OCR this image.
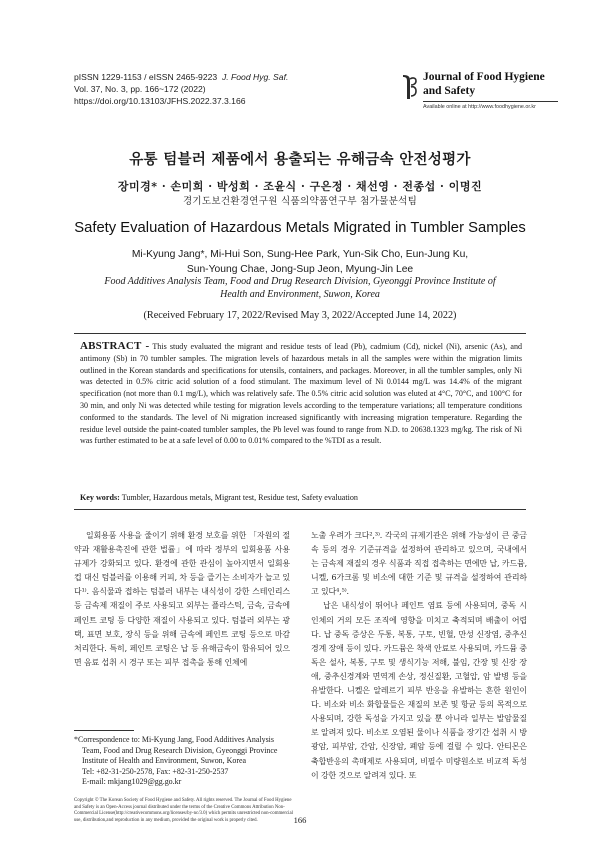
pISSN 1229-1153 / eISSN 2465-9223 J. Food Hyg. Saf.
Vol. 37, No. 3, pp. 166~172 (2022)
https://doi.org/10.13103/JFHS.2022.37.3.166
Journal of Food Hygiene
and Safety
Available online at http://www.foodhygiene.or.kr
유통 텀블러 제품에서 용출되는 유해금속 안전성평가
장미경* · 손미희 · 박성희 · 조윤식 · 구은정 · 채선영 · 전종섭 · 이명진
경기도보건환경연구원 식품의약품연구부 첨가물분석팀
Safety Evaluation of Hazardous Metals Migrated in Tumbler Samples
Mi-Kyung Jang*, Mi-Hui Son, Sung-Hee Park, Yun-Sik Cho, Eun-Jung Ku,
Sun-Young Chae, Jong-Sup Jeon, Myung-Jin Lee
Food Additives Analysis Team, Food and Drug Research Division, Gyeonggi Province Institute of
Health and Environment, Suwon, Korea
(Received February 17, 2022/Revised May 3, 2022/Accepted June 14, 2022)
ABSTRACT - This study evaluated the migrant and residue tests of lead (Pb), cadmium (Cd), nickel (Ni), arsenic (As), and antimony (Sb) in 70 tumbler samples. The migration levels of hazardous metals in all the samples were within the migration limits outlined in the Korean standards and specifications for utensils, containers, and packages. Moreover, in all the tumbler samples, only Ni was detected in 0.5% citric acid solution of a food stimulant. The maximum level of Ni 0.0144 mg/L was 14.4% of the migrant specification (not more than 0.1 mg/L), which was relatively safe. The 0.5% citric acid solution was eluted at 4°C, 70°C, and 100°C for 30 min, and only Ni was detected while testing for migration levels according to the temperature variations; all temperature conditions conformed to the standards. The level of Ni migration increased significantly with increasing migration temperature. Regarding the residue level outside the paint-coated tumbler samples, the Pb level was found to range from N.D. to 20638.1323 mg/kg. The risk of Ni was further estimated to be at a safe level of 0.00 to 0.01% compared to the %TDI as a result.
Key words: Tumbler, Hazardous metals, Migrant test, Residue test, Safety evaluation

일회용품 사용을 줄이기 위해 환경 보호를 위한 「자원의 절약과 재활용촉진에 관한 법률」에 따라 정부의 일회용품 사용 규제가 강화되고 있다. 환경에 관한 관심이 높아지면서 일회용 컵 대신 텀블러를 이용해 커피, 차 등을 즐기는 소비자가 늘고 있다¹⁾. 음식물과 접하는 텀블러 내부는 내식성이 강한 스테인리스 등 금속제 재질이 주로 사용되고 외부는 플라스틱, 금속, 금속에 페인트 코팅 등 다양한 재질이 사용되고 있다. 텀블러 외부는 광택, 표면 보호, 장식 등을 위해 금속에 페인트 코팅 등으로 마감 처리한다. 특히, 페인트 코팅은 납 등 유해금속이 함유되어 있으면 음료 섭취 시 경구 또는 피부 접촉을 통해 인체에

노출 우려가 크다²,³⁾. 각국의 규제기관은 위해 가능성이 큰 중금속 등의 경우 기준규격을 설정하여 관리하고 있으며, 국내에서는 금속제 재질의 경우 식품과 직접 접촉하는 면에만 납, 카드뮴, 니켈, 6가크롬 및 비소에 대한 기준 및 규격을 설정하여 관리하고 있다⁴,⁵⁾.

납은 내식성이 뛰어나 페인트 염료 등에 사용되며, 중독 시 인체의 거의 모든 조직에 영향을 미치고 축적되며 배출이 어렵다. 납 중독 증상은 두통, 복통, 구토, 빈혈, 만성 신장염, 중추신경계 장애 등이 있다. 카드뮴은 착색 안료로 사용되며, 카드뮴 중독은 설사, 복통, 구토 및 생식기능 저해, 불임, 간장 및 신장 장애, 중추신경계와 면역계 손상, 정신질환, 고혈압, 암 발병 등을 유발한다. 니켈은 알레르기 피부 반응을 유발하는 흔한 원인이다. 비소와 비소 화합물들은 재질의 보존 및 항균 등의 목적으로 사용되며, 강한 독성을 가지고 있을 뿐 아니라 일부는 발암물질로 알려져 있다. 비소로 오염된 물이나 식품을 장기간 섭취 시 방광암, 피부암, 간암, 신장암, 폐암 등에 걸릴 수 있다. 안티몬은 축합반응의 촉매제로 사용되며, 비필수 미량원소로 비교적 독성이 강한 것으로 알려져 있다. 또

*Correspondence to: Mi-Kyung Jang, Food Additives Analysis
Team, Food and Drug Research Division, Gyeonggi Province
Institute of Health and Environment, Suwon, Korea
Tel: +82-31-250-2578, Fax: +82-31-250-2537
E-mail: mkjang1029@gg.go.kr
Copyright © The Korean Society of Food Hygiene and Safety. All rights reserved. The Journal of Food Hygiene and Safety is an Open-Access journal distributed under the terms of the Creative Commons Attribution Non-Commercial License(http://creativecommons.org/licenses/by-nc/3.0) which permits unrestricted non-commercial use, distribution,and reproduction in any medium, provided the original work is properly cited.	166
